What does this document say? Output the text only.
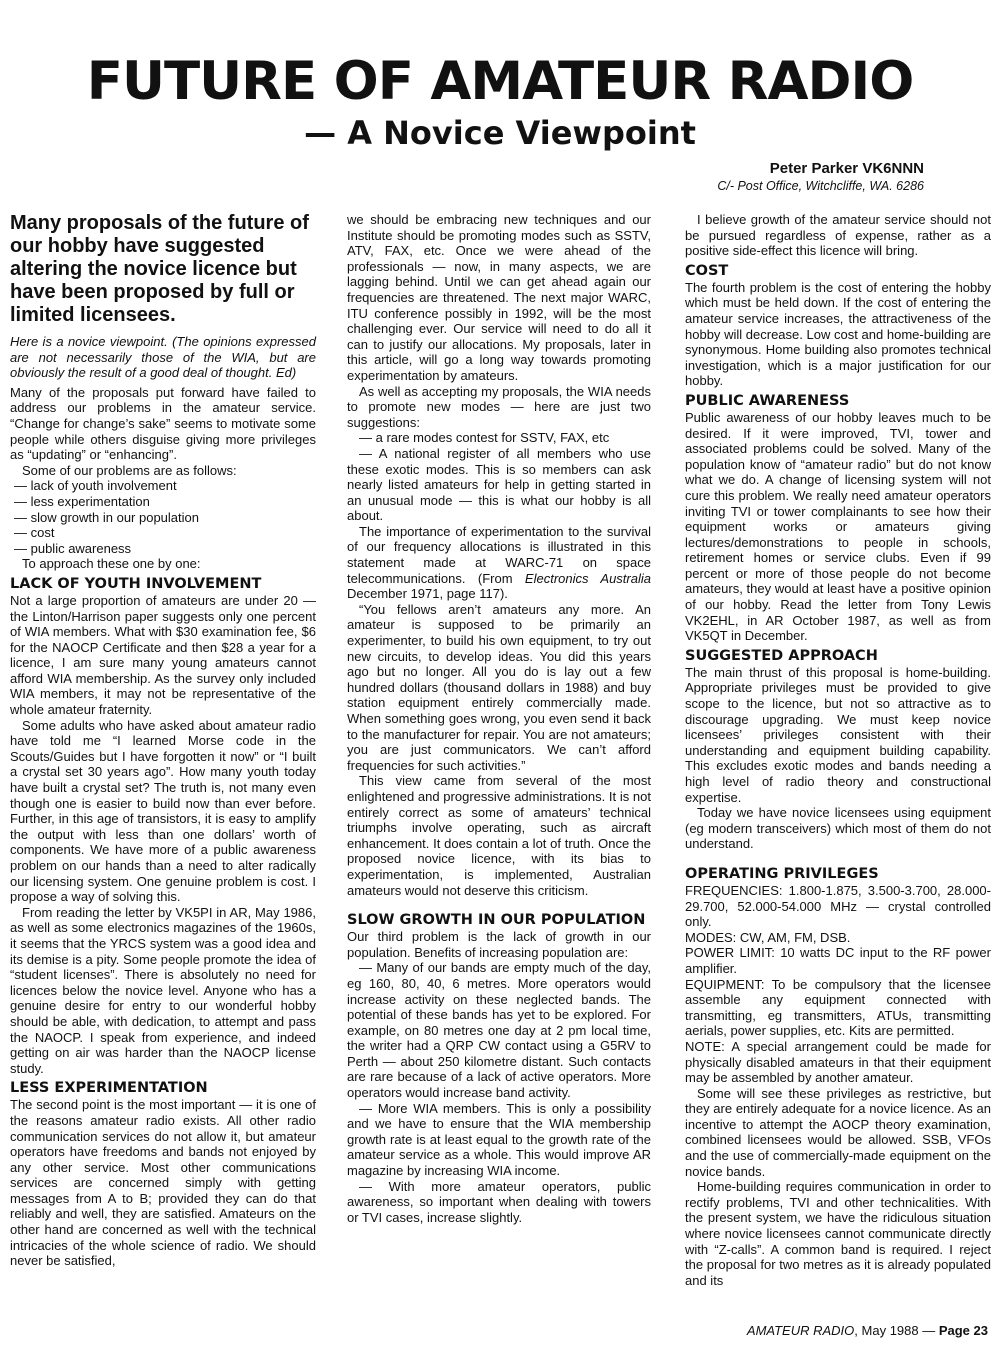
FUTURE OF AMATEUR RADIO
— A Novice Viewpoint
Peter Parker VK6NNN
C/- Post Office, Witchcliffe, WA. 6286

Many proposals of the future of our hobby have suggested altering the novice licence but have been proposed by full or limited licensees.

Here is a novice viewpoint. (The opinions expressed are not necessarily those of the WIA, but are obviously the result of a good deal of thought. Ed)

Many of the proposals put forward have failed to address our problems in the amateur service. “Change for change’s sake” seems to motivate some people while others disguise giving more privileges as “updating” or “enhancing”.

Some of our problems are as follows:

— lack of youth involvement
— less experimentation
— slow growth in our population
— cost
— public awareness

To approach these one by one:

LACK OF YOUTH INVOLVEMENT

Not a large proportion of amateurs are under 20 — the Linton/Harrison paper suggests only one percent of WIA members. What with $30 examination fee, $6 for the NAOCP Certificate and then $28 a year for a licence, I am sure many young amateurs cannot afford WIA membership. As the survey only included WIA members, it may not be representative of the whole amateur fraternity.

Some adults who have asked about amateur radio have told me “I learned Morse code in the Scouts/Guides but I have forgotten it now” or “I built a crystal set 30 years ago”. How many youth today have built a crystal set? The truth is, not many even though one is easier to build now than ever before. Further, in this age of transistors, it is easy to amplify the output with less than one dollars’ worth of components. We have more of a public awareness problem on our hands than a need to alter radically our licensing system. One genuine problem is cost. I propose a way of solving this.

From reading the letter by VK5PI in AR, May 1986, as well as some electronics magazines of the 1960s, it seems that the YRCS system was a good idea and its demise is a pity. Some people promote the idea of “student licenses”. There is absolutely no need for licences below the novice level. Anyone who has a genuine desire for entry to our wonderful hobby should be able, with dedication, to attempt and pass the NAOCP. I speak from experience, and indeed getting on air was harder than the NAOCP license study.

LESS EXPERIMENTATION

The second point is the most important — it is one of the reasons amateur radio exists. All other radio communication services do not allow it, but amateur operators have freedoms and bands not enjoyed by any other service. Most other communications services are concerned simply with getting messages from A to B; provided they can do that reliably and well, they are satisfied. Amateurs on the other hand are concerned as well with the technical intricacies of the whole science of radio. We should never be satisfied,

we should be embracing new techniques and our Institute should be promoting modes such as SSTV, ATV, FAX, etc. Once we were ahead of the professionals — now, in many aspects, we are lagging behind. Until we can get ahead again our frequencies are threatened. The next major WARC, ITU conference possibly in 1992, will be the most challenging ever. Our service will need to do all it can to justify our allocations. My proposals, later in this article, will go a long way towards promoting experimentation by amateurs.

As well as accepting my proposals, the WIA needs to promote new modes — here are just two suggestions:

— a rare modes contest for SSTV, FAX, etc

— A national register of all members who use these exotic modes. This is so members can ask nearly listed amateurs for help in getting started in an unusual mode — this is what our hobby is all about.

The importance of experimentation to the survival of our frequency allocations is illustrated in this statement made at WARC-71 on space telecommunications. (From Electronics Australia December 1971, page 117).

“You fellows aren’t amateurs any more. An amateur is supposed to be primarily an experimenter, to build his own equipment, to try out new circuits, to develop ideas. You did this years ago but no longer. All you do is lay out a few hundred dollars (thousand dollars in 1988) and buy station equipment entirely commercially made. When something goes wrong, you even send it back to the manufacturer for repair. You are not amateurs; you are just communicators. We can’t afford frequencies for such activities.”

This view came from several of the most enlightened and progressive administrations. It is not entirely correct as some of amateurs’ technical triumphs involve operating, such as aircraft enhancement. It does contain a lot of truth. Once the proposed novice licence, with its bias to experimentation, is implemented, Australian amateurs would not deserve this criticism.

SLOW GROWTH IN OUR POPULATION

Our third problem is the lack of growth in our population. Benefits of increasing population are:

— Many of our bands are empty much of the day, eg 160, 80, 40, 6 metres. More operators would increase activity on these neglected bands. The potential of these bands has yet to be explored. For example, on 80 metres one day at 2 pm local time, the writer had a QRP CW contact using a G5RV to Perth — about 250 kilometre distant. Such contacts are rare because of a lack of active operators. More operators would increase band activity.

— More WIA members. This is only a possibility and we have to ensure that the WIA membership growth rate is at least equal to the growth rate of the amateur service as a whole. This would improve AR magazine by increasing WIA income.

— With more amateur operators, public awareness, so important when dealing with towers or TVI cases, increase slightly.

I believe growth of the amateur service should not be pursued regardless of expense, rather as a positive side-effect this licence will bring.

COST

The fourth problem is the cost of entering the hobby which must be held down. If the cost of entering the amateur service increases, the attractiveness of the hobby will decrease. Low cost and home-building are synonymous. Home building also promotes technical investigation, which is a major justification for our hobby.

PUBLIC AWARENESS

Public awareness of our hobby leaves much to be desired. If it were improved, TVI, tower and associated problems could be solved. Many of the population know of “amateur radio” but do not know what we do. A change of licensing system will not cure this problem. We really need amateur operators inviting TVI or tower complainants to see how their equipment works or amateurs giving lectures/demonstrations to people in schools, retirement homes or service clubs. Even if 99 percent or more of those people do not become amateurs, they would at least have a positive opinion of our hobby. Read the letter from Tony Lewis VK2EHL, in AR October 1987, as well as from VK5QT in December.

SUGGESTED APPROACH

The main thrust of this proposal is home-building. Appropriate privileges must be provided to give scope to the licence, but not so attractive as to discourage upgrading. We must keep novice licensees’ privileges consistent with their understanding and equipment building capability. This excludes exotic modes and bands needing a high level of radio theory and constructional expertise.

Today we have novice licensees using equipment (eg modern transceivers) which most of them do not understand.

OPERATING PRIVILEGES

FREQUENCIES: 1.800-1.875, 3.500-3.700, 28.000-29.700, 52.000-54.000 MHz — crystal controlled only.

MODES: CW, AM, FM, DSB.

POWER LIMIT: 10 watts DC input to the RF power amplifier.

EQUIPMENT: To be compulsory that the licensee assemble any equipment connected with transmitting, eg transmitters, ATUs, transmitting aerials, power supplies, etc. Kits are permitted.

NOTE: A special arrangement could be made for physically disabled amateurs in that their equipment may be assembled by another amateur.

Some will see these privileges as restrictive, but they are entirely adequate for a novice licence. As an incentive to attempt the AOCP theory examination, combined licensees would be allowed. SSB, VFOs and the use of commercially-made equipment on the novice bands.

Home-building requires communication in order to rectify problems, TVI and other technicalities. With the present system, we have the ridiculous situation where novice licensees cannot communicate directly with “Z-calls”. A common band is required. I reject the proposal for two metres as it is already populated and its

AMATEUR RADIO, May 1988 — Page 23
